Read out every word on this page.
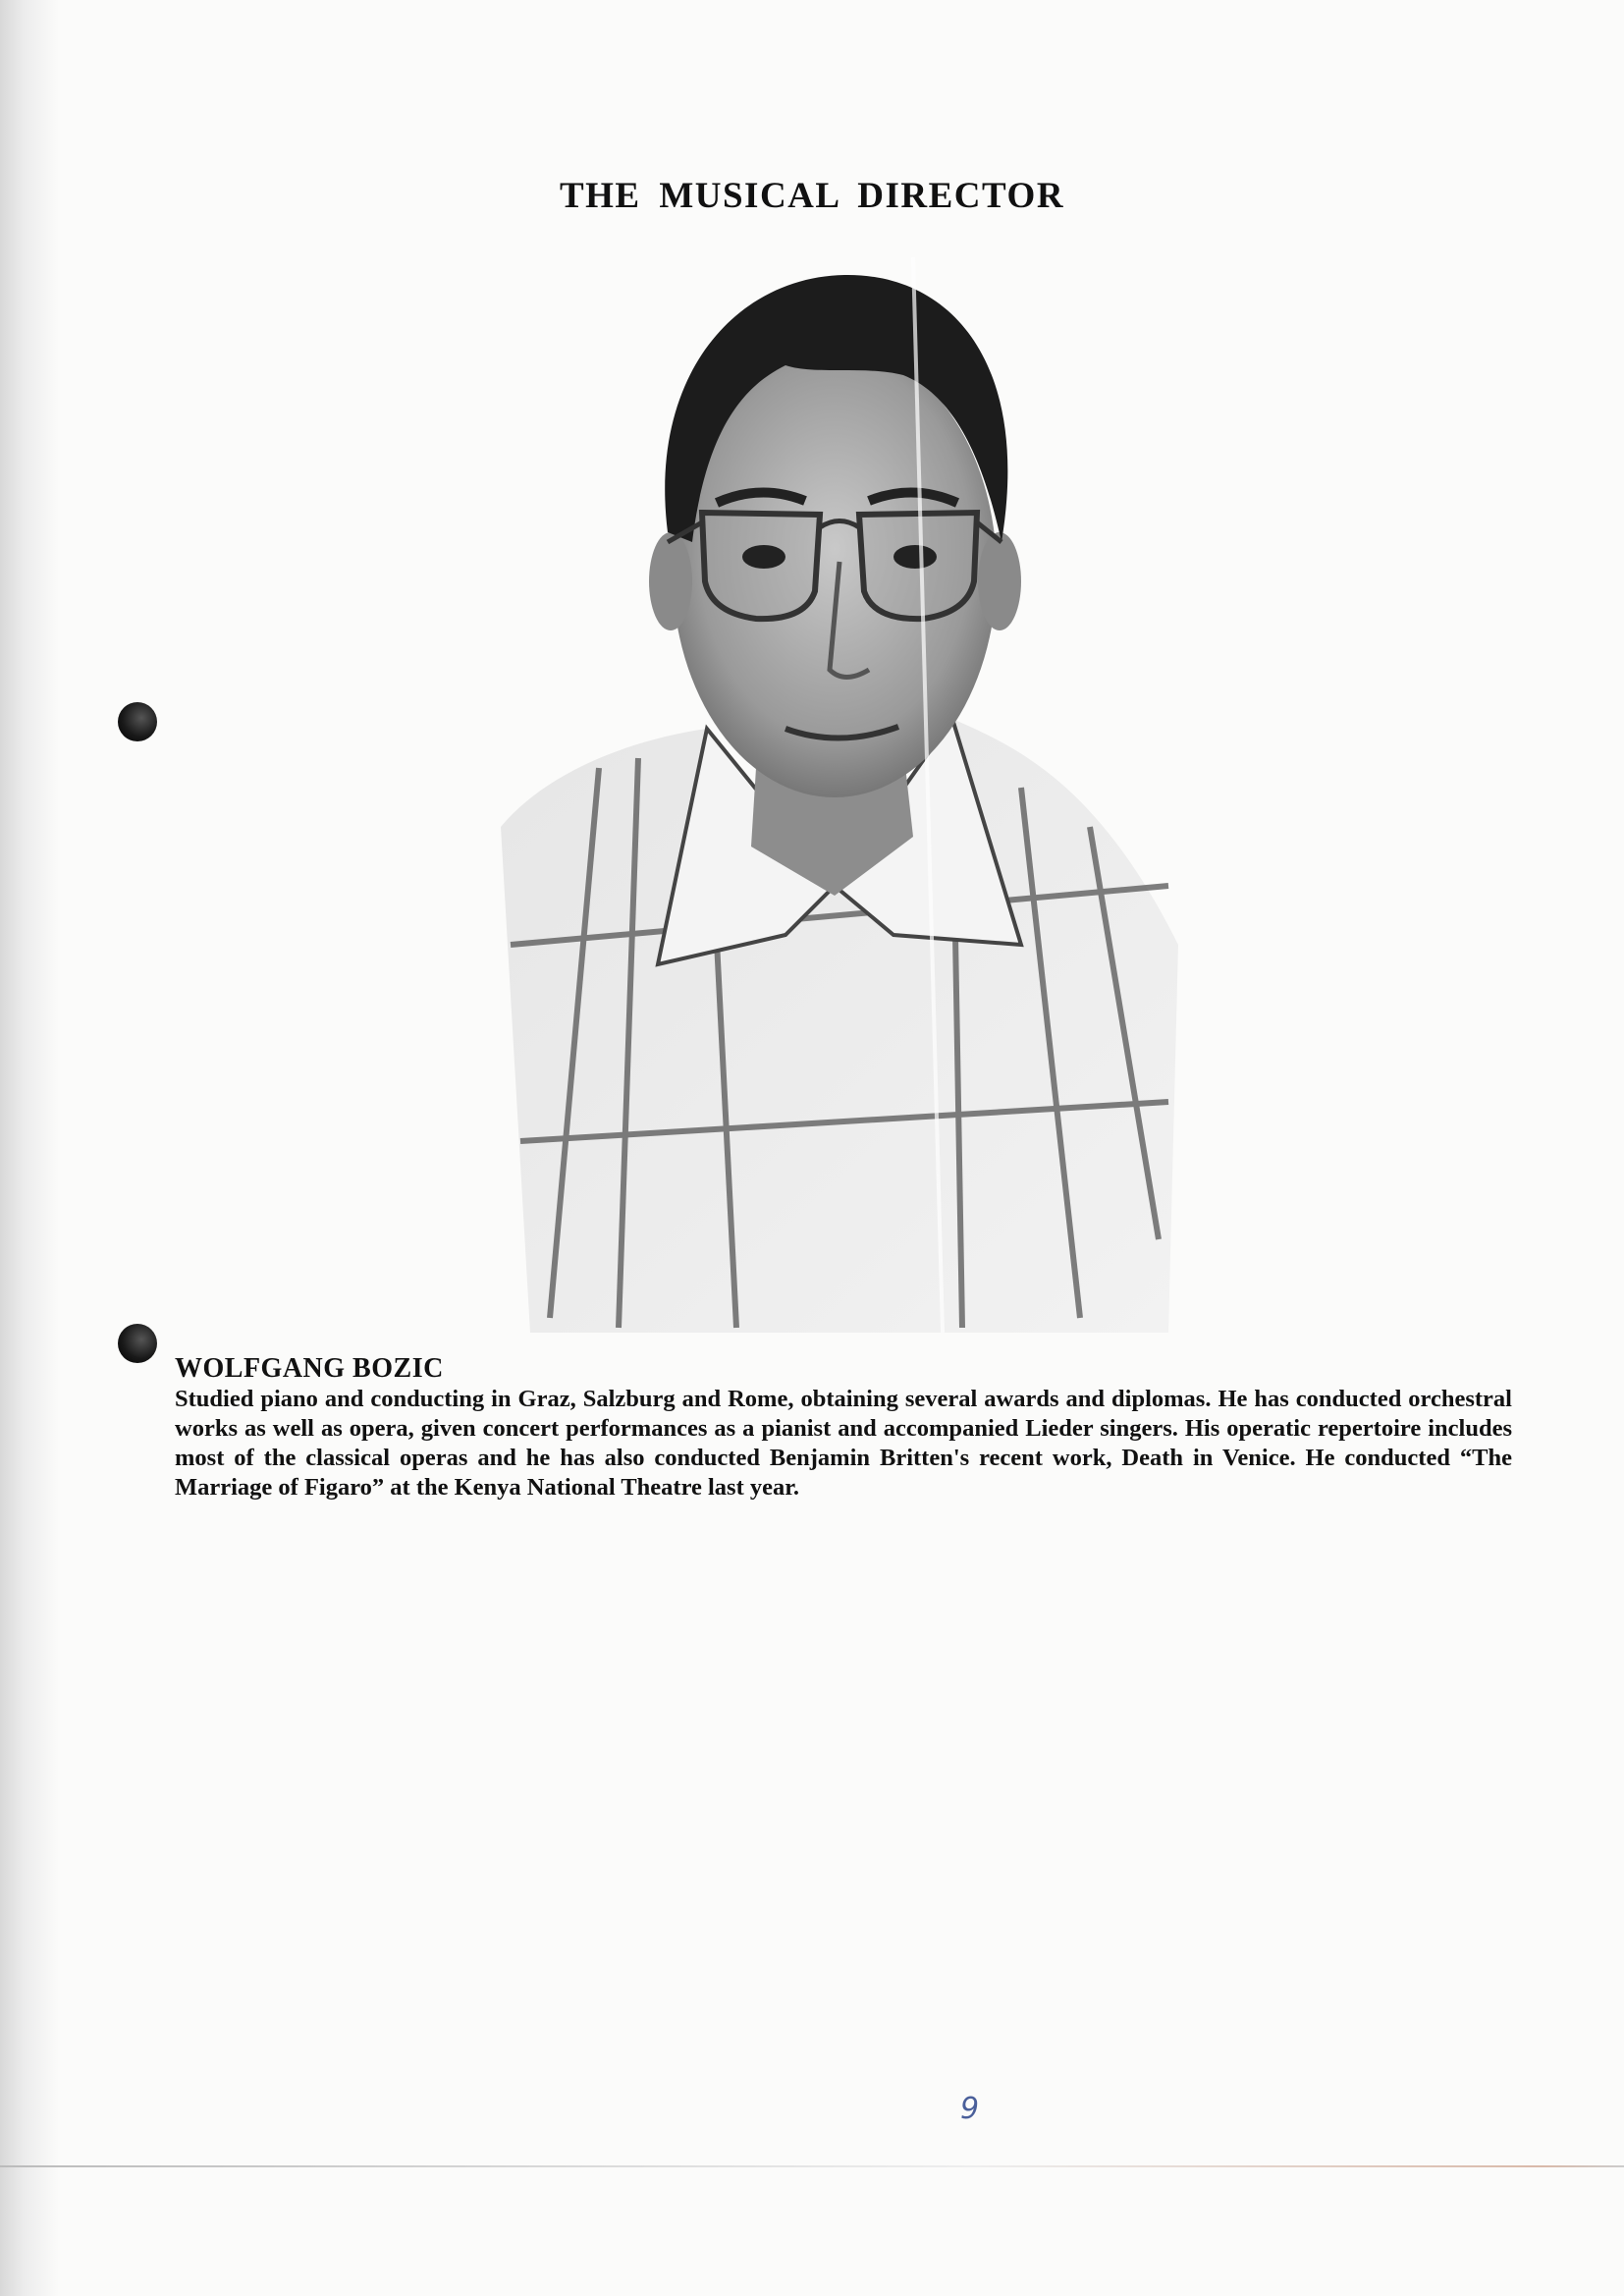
THE MUSICAL DIRECTOR
WOLFGANG BOZIC

Studied piano and conducting in Graz, Salzburg and Rome, obtaining several awards and diplomas. He has conducted orchestral works as well as opera, given concert performances as a pianist and accompanied Lieder singers. His operatic repertoire includes most of the classical operas and he has also conducted Benjamin Britten's recent work, Death in Venice. He conducted “The Marriage of Figaro” at the Kenya National Theatre last year.

9
